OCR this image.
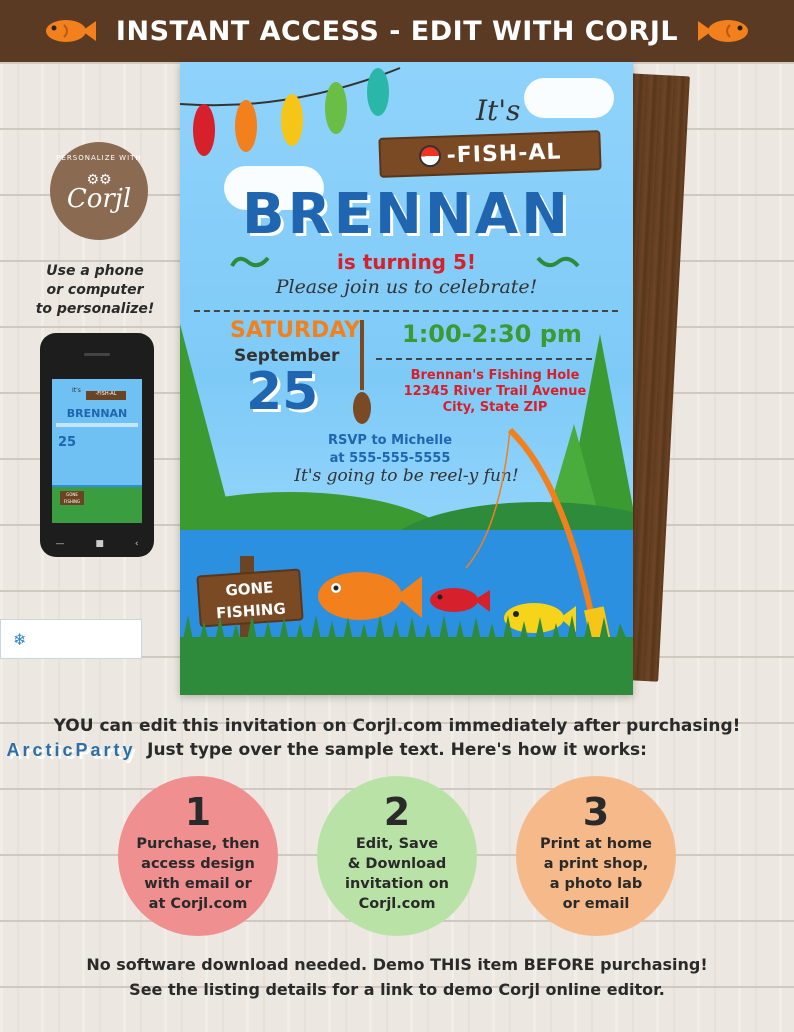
INSTANT ACCESS - EDIT WITH CORJL
PERSONALIZE WITH
⚙⚙
Corjl
Use a phone
or computer
to personalize!
It's	-FISH-AL
BRENNAN
25
GONE
FISHING
—	■	‹
❄
ArcticParty
It's
-FISH-AL
BRENNAN
is turning 5!
Please join us to celebrate!
SATURDAY
September
25
1:00-2:30 pm
Brennan's Fishing Hole
12345 River Trail Avenue
City, State ZIP
RSVP to Michelle
at 555-555-5555
It's going to be reel-y fun!
GONE
FISHING
YOU can edit this invitation on Corjl.com immediately after purchasing!
Just type over the sample text. Here's how it works:
1
Purchase, then
access design
with email or
at Corjl.com
2
Edit, Save
& Download
invitation on
Corjl.com
3
Print at home
a print shop,
a photo lab
or email
No software download needed. Demo THIS item BEFORE purchasing!
See the listing details for a link to demo Corjl online editor.
